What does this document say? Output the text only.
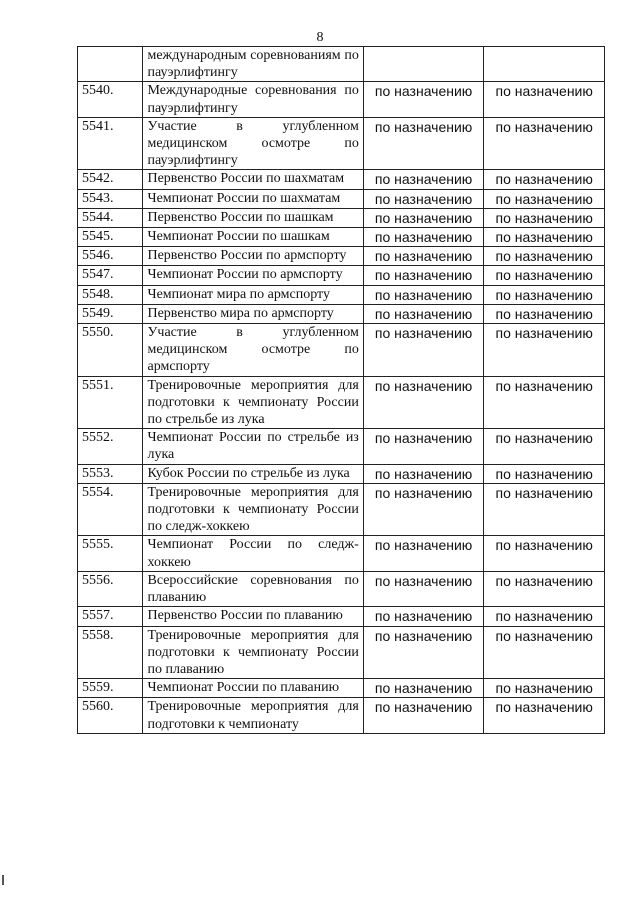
8
	международным соревнованиям по пауэрлифтингу		
5540.	Международные соревнования по пауэрлифтингу	по назначению	по назначению
5541.	Участие в углубленном медицинском осмотре по пауэрлифтингу	по назначению	по назначению
5542.	Первенство России по шахматам	по назначению	по назначению
5543.	Чемпионат России по шахматам	по назначению	по назначению
5544.	Первенство России по шашкам	по назначению	по назначению
5545.	Чемпионат России по шашкам	по назначению	по назначению
5546.	Первенство России по армспорту	по назначению	по назначению
5547.	Чемпионат России по армспорту	по назначению	по назначению
5548.	Чемпионат мира по армспорту	по назначению	по назначению
5549.	Первенство мира по армспорту	по назначению	по назначению
5550.	Участие в углубленном медицинском осмотре по армспорту	по назначению	по назначению
5551.	Тренировочные мероприятия для подготовки к чемпионату России по стрельбе из лука	по назначению	по назначению
5552.	Чемпионат России по стрельбе из лука	по назначению	по назначению
5553.	Кубок России по стрельбе из лука	по назначению	по назначению
5554.	Тренировочные мероприятия для подготовки к чемпионату России по следж-хоккею	по назначению	по назначению
5555.	Чемпионат России по следж-хоккею	по назначению	по назначению
5556.	Всероссийские соревнования по плаванию	по назначению	по назначению
5557.	Первенство России по плаванию	по назначению	по назначению
5558.	Тренировочные мероприятия для подготовки к чемпионату России по плаванию	по назначению	по назначению
5559.	Чемпионат России по плаванию	по назначению	по назначению
5560.	Тренировочные мероприятия для подготовки к чемпионату	по назначению	по назначению
